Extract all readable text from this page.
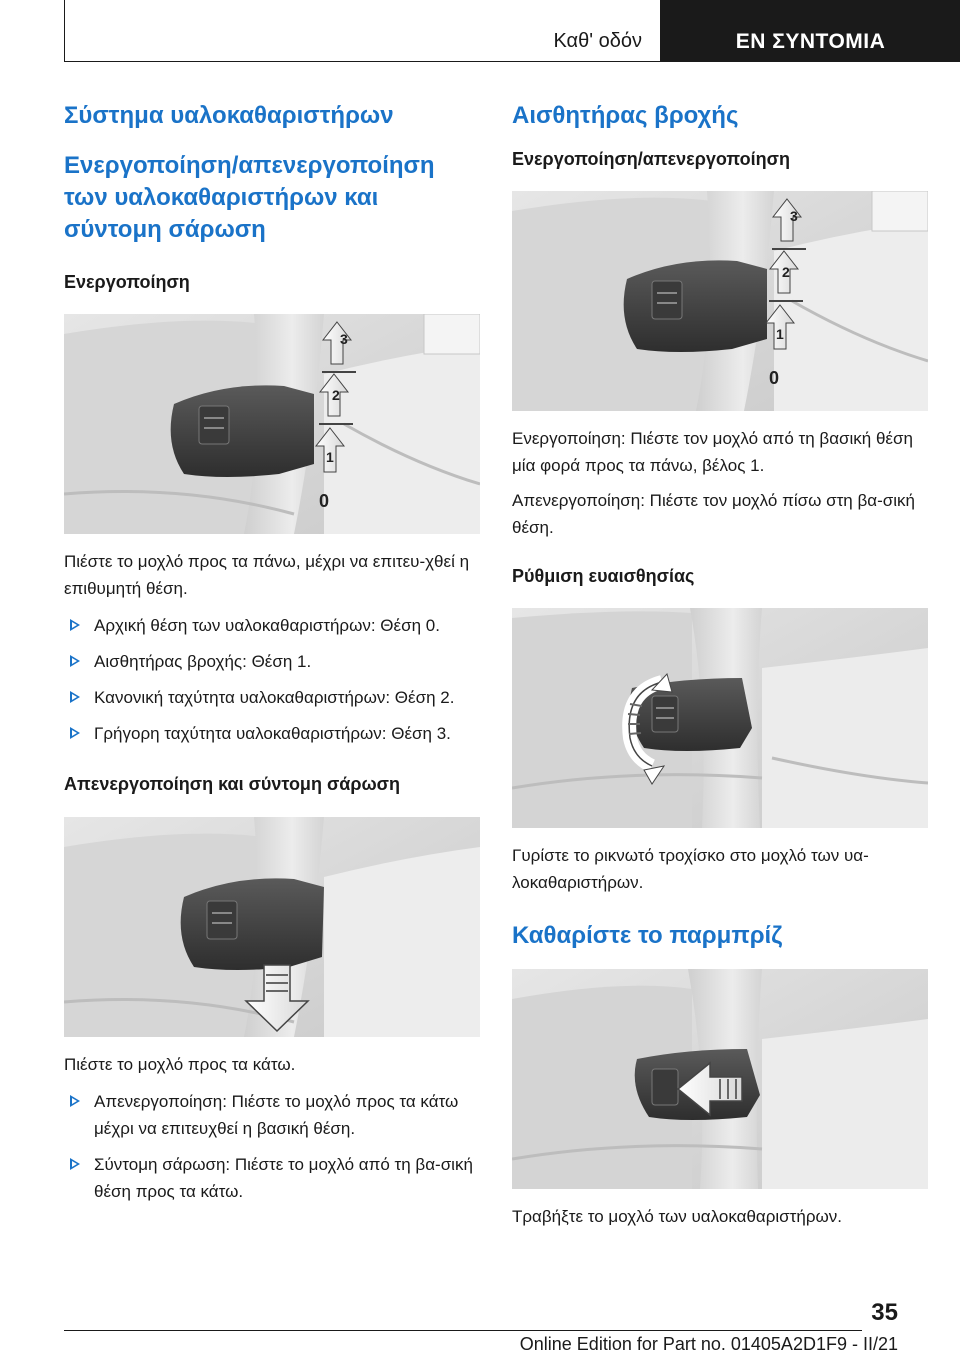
Καθ' οδόν	ΕΝ ΣΥΝΤΟΜΙΑ
Σύστημα υαλοκαθαριστήρων
Ενεργοποίηση/απενεργοποίηση των υαλοκαθαριστήρων και σύντομη σάρωση
Ενεργοποίηση
3
2
1
0

Πιέστε το μοχλό προς τα πάνω, μέχρι να επιτευ-χθεί η επιθυμητή θέση.

Αρχική θέση των υαλοκαθαριστήρων: Θέση 0.
Αισθητήρας βροχής: Θέση 1.
Κανονική ταχύτητα υαλοκαθαριστήρων: Θέση 2.
Γρήγορη ταχύτητα υαλοκαθαριστήρων: Θέση 3.
Απενεργοποίηση και σύντομη σάρωση

Πιέστε το μοχλό προς τα κάτω.

Απενεργοποίηση: Πιέστε το μοχλό προς τα κάτω μέχρι να επιτευχθεί η βασική θέση.
Σύντομη σάρωση: Πιέστε το μοχλό από τη βα-σική θέση προς τα κάτω.
Αισθητήρας βροχής
Ενεργοποίηση/απενεργοποίηση
3
2
1
0

Ενεργοποίηση: Πιέστε τον μοχλό από τη βασική θέση μία φορά προς τα πάνω, βέλος 1.

Απενεργοποίηση: Πιέστε τον μοχλό πίσω στη βα-σική θέση.

Ρύθμιση ευαισθησίας

Γυρίστε το ρικνωτό τροχίσκο στο μοχλό των υα-λοκαθαριστήρων.

Καθαρίστε το παρμπρίζ

Τραβήξτε το μοχλό των υαλοκαθαριστήρων.

35
Online Edition for Part no. 01405A2D1F9 - II/21
